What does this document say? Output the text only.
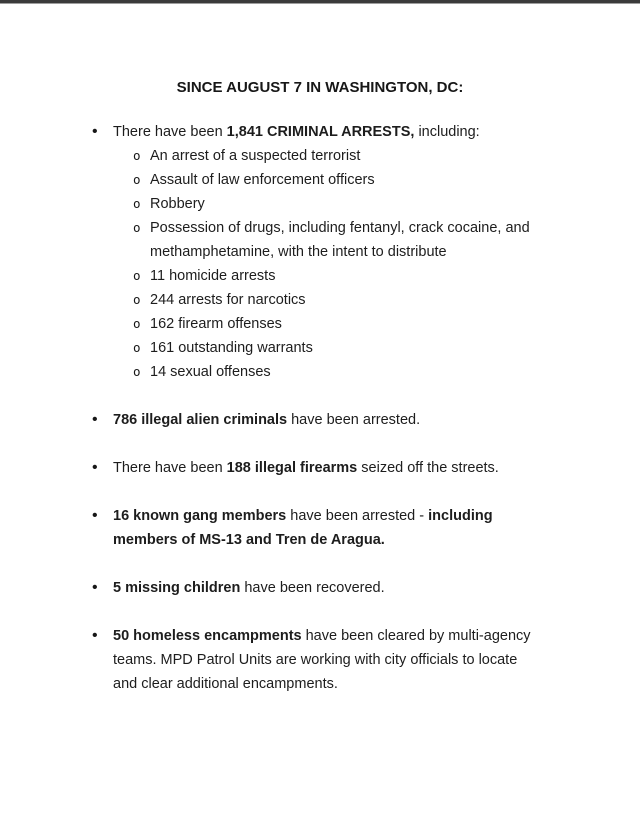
SINCE AUGUST 7 IN WASHINGTON, DC:
•	There have been 1,841 CRIMINAL ARRESTS, including:
o An arrest of a suspected terrorist
o Assault of law enforcement officers
o Robbery
o Possession of drugs, including fentanyl, crack cocaine, and methamphetamine, with the intent to distribute
o 11 homicide arrests
o 244 arrests for narcotics
o 162 firearm offenses
o 161 outstanding warrants
o 14 sexual offenses
•	786 illegal alien criminals have been arrested.
•	There have been 188 illegal firearms seized off the streets.
•	16 known gang members have been arrested - including members of MS-13 and Tren de Aragua.
•	5 missing children have been recovered.
•	50 homeless encampments have been cleared by multi-agency teams. MPD Patrol Units are working with city officials to locate and clear additional encampments.
